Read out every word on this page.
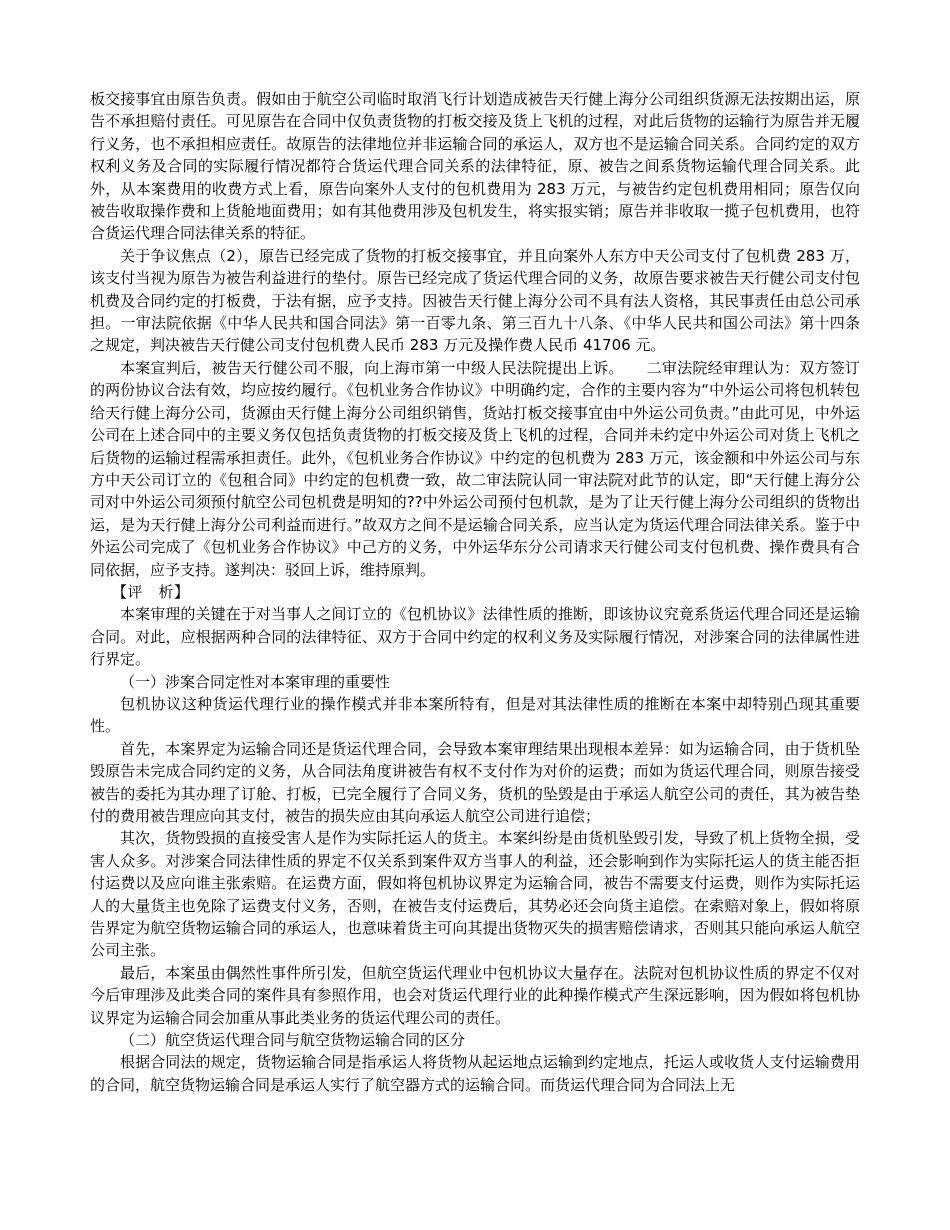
板交接事宜由原告负责。假如由于航空公司临时取消飞行计划造成被告天行健上海分公司组织货源无法按期出运，原告不承担赔付责任。可见原告在合同中仅负责货物的打板交接及货上飞机的过程，对此后货物的运输行为原告并无履行义务，也不承担相应责任。故原告的法律地位并非运输合同的承运人，双方也不是运输合同关系。合同约定的双方权利义务及合同的实际履行情况都符合货运代理合同关系的法律特征，原、被告之间系货物运输代理合同关系。此外，从本案费用的收费方式上看，原告向案外人支付的包机费用为 283 万元，与被告约定包机费用相同；原告仅向被告收取操作费和上货舱地面费用；如有其他费用涉及包机发生，将实报实销；原告并非收取一揽子包机费用，也符合货运代理合同法律关系的特征。

关于争议焦点（2），原告已经完成了货物的打板交接事宜，并且向案外人东方中天公司支付了包机费 283 万，该支付当视为原告为被告利益进行的垫付。原告已经完成了货运代理合同的义务，故原告要求被告天行健公司支付包机费及合同约定的打板费，于法有据，应予支持。因被告天行健上海分公司不具有法人资格，其民事责任由总公司承担。一审法院依据《中华人民共和国合同法》第一百零九条、第三百九十八条、《中华人民共和国公司法》第十四条之规定，判决被告天行健公司支付包机费人民币 283 万元及操作费人民币 41706 元。

本案宣判后，被告天行健公司不服，向上海市第一中级人民法院提出上诉。　　二审法院经审理认为：双方签订的两份协议合法有效，均应按约履行。《包机业务合作协议》中明确约定，合作的主要内容为“中外运公司将包机转包给天行健上海分公司，货源由天行健上海分公司组织销售，货站打板交接事宜由中外运公司负责。”由此可见，中外运公司在上述合同中的主要义务仅包括负责货物的打板交接及货上飞机的过程，合同并未约定中外运公司对货上飞机之后货物的运输过程需承担责任。此外，《包机业务合作协议》中约定的包机费为 283 万元，该金额和中外运公司与东方中天公司订立的《包租合同》中约定的包机费一致，故二审法院认同一审法院对此节的认定，即“天行健上海分公司对中外运公司须预付航空公司包机费是明知的??中外运公司预付包机款，是为了让天行健上海分公司组织的货物出运，是为天行健上海分公司利益而进行。”故双方之间不是运输合同关系，应当认定为货运代理合同法律关系。鉴于中外运公司完成了《包机业务合作协议》中己方的义务，中外运华东分公司请求天行健公司支付包机费、操作费具有合同依据，应予支持。遂判决：驳回上诉，维持原判。

【评　析】

本案审理的关键在于对当事人之间订立的《包机协议》法律性质的推断，即该协议究竟系货运代理合同还是运输合同。对此，应根据两种合同的法律特征、双方于合同中约定的权利义务及实际履行情况，对涉案合同的法律属性进行界定。

（一）涉案合同定性对本案审理的重要性

包机协议这种货运代理行业的操作模式并非本案所特有，但是对其法律性质的推断在本案中却特别凸现其重要性。

首先，本案界定为运输合同还是货运代理合同，会导致本案审理结果出现根本差异：如为运输合同，由于货机坠毁原告未完成合同约定的义务，从合同法角度讲被告有权不支付作为对价的运费；而如为货运代理合同，则原告接受被告的委托为其办理了订舱、打板，已完全履行了合同义务，货机的坠毁是由于承运人航空公司的责任，其为被告垫付的费用被告理应向其支付，被告的损失应由其向承运人航空公司进行追偿；

其次，货物毁损的直接受害人是作为实际托运人的货主。本案纠纷是由货机坠毁引发，导致了机上货物全损，受害人众多。对涉案合同法律性质的界定不仅关系到案件双方当事人的利益，还会影响到作为实际托运人的货主能否拒付运费以及应向谁主张索赔。在运费方面，假如将包机协议界定为运输合同，被告不需要支付运费，则作为实际托运人的大量货主也免除了运费支付义务，否则，在被告支付运费后，其势必还会向货主追偿。在索赔对象上，假如将原告界定为航空货物运输合同的承运人，也意味着货主可向其提出货物灭失的损害赔偿请求，否则其只能向承运人航空公司主张。

最后，本案虽由偶然性事件所引发，但航空货运代理业中包机协议大量存在。法院对包机协议性质的界定不仅对今后审理涉及此类合同的案件具有参照作用，也会对货运代理行业的此种操作模式产生深远影响，因为假如将包机协议界定为运输合同会加重从事此类业务的货运代理公司的责任。

（二）航空货运代理合同与航空货物运输合同的区分

根据合同法的规定，货物运输合同是指承运人将货物从起运地点运输到约定地点，托运人或收货人支付运输费用的合同，航空货物运输合同是承运人实行了航空器方式的运输合同。而货运代理合同为合同法上无
